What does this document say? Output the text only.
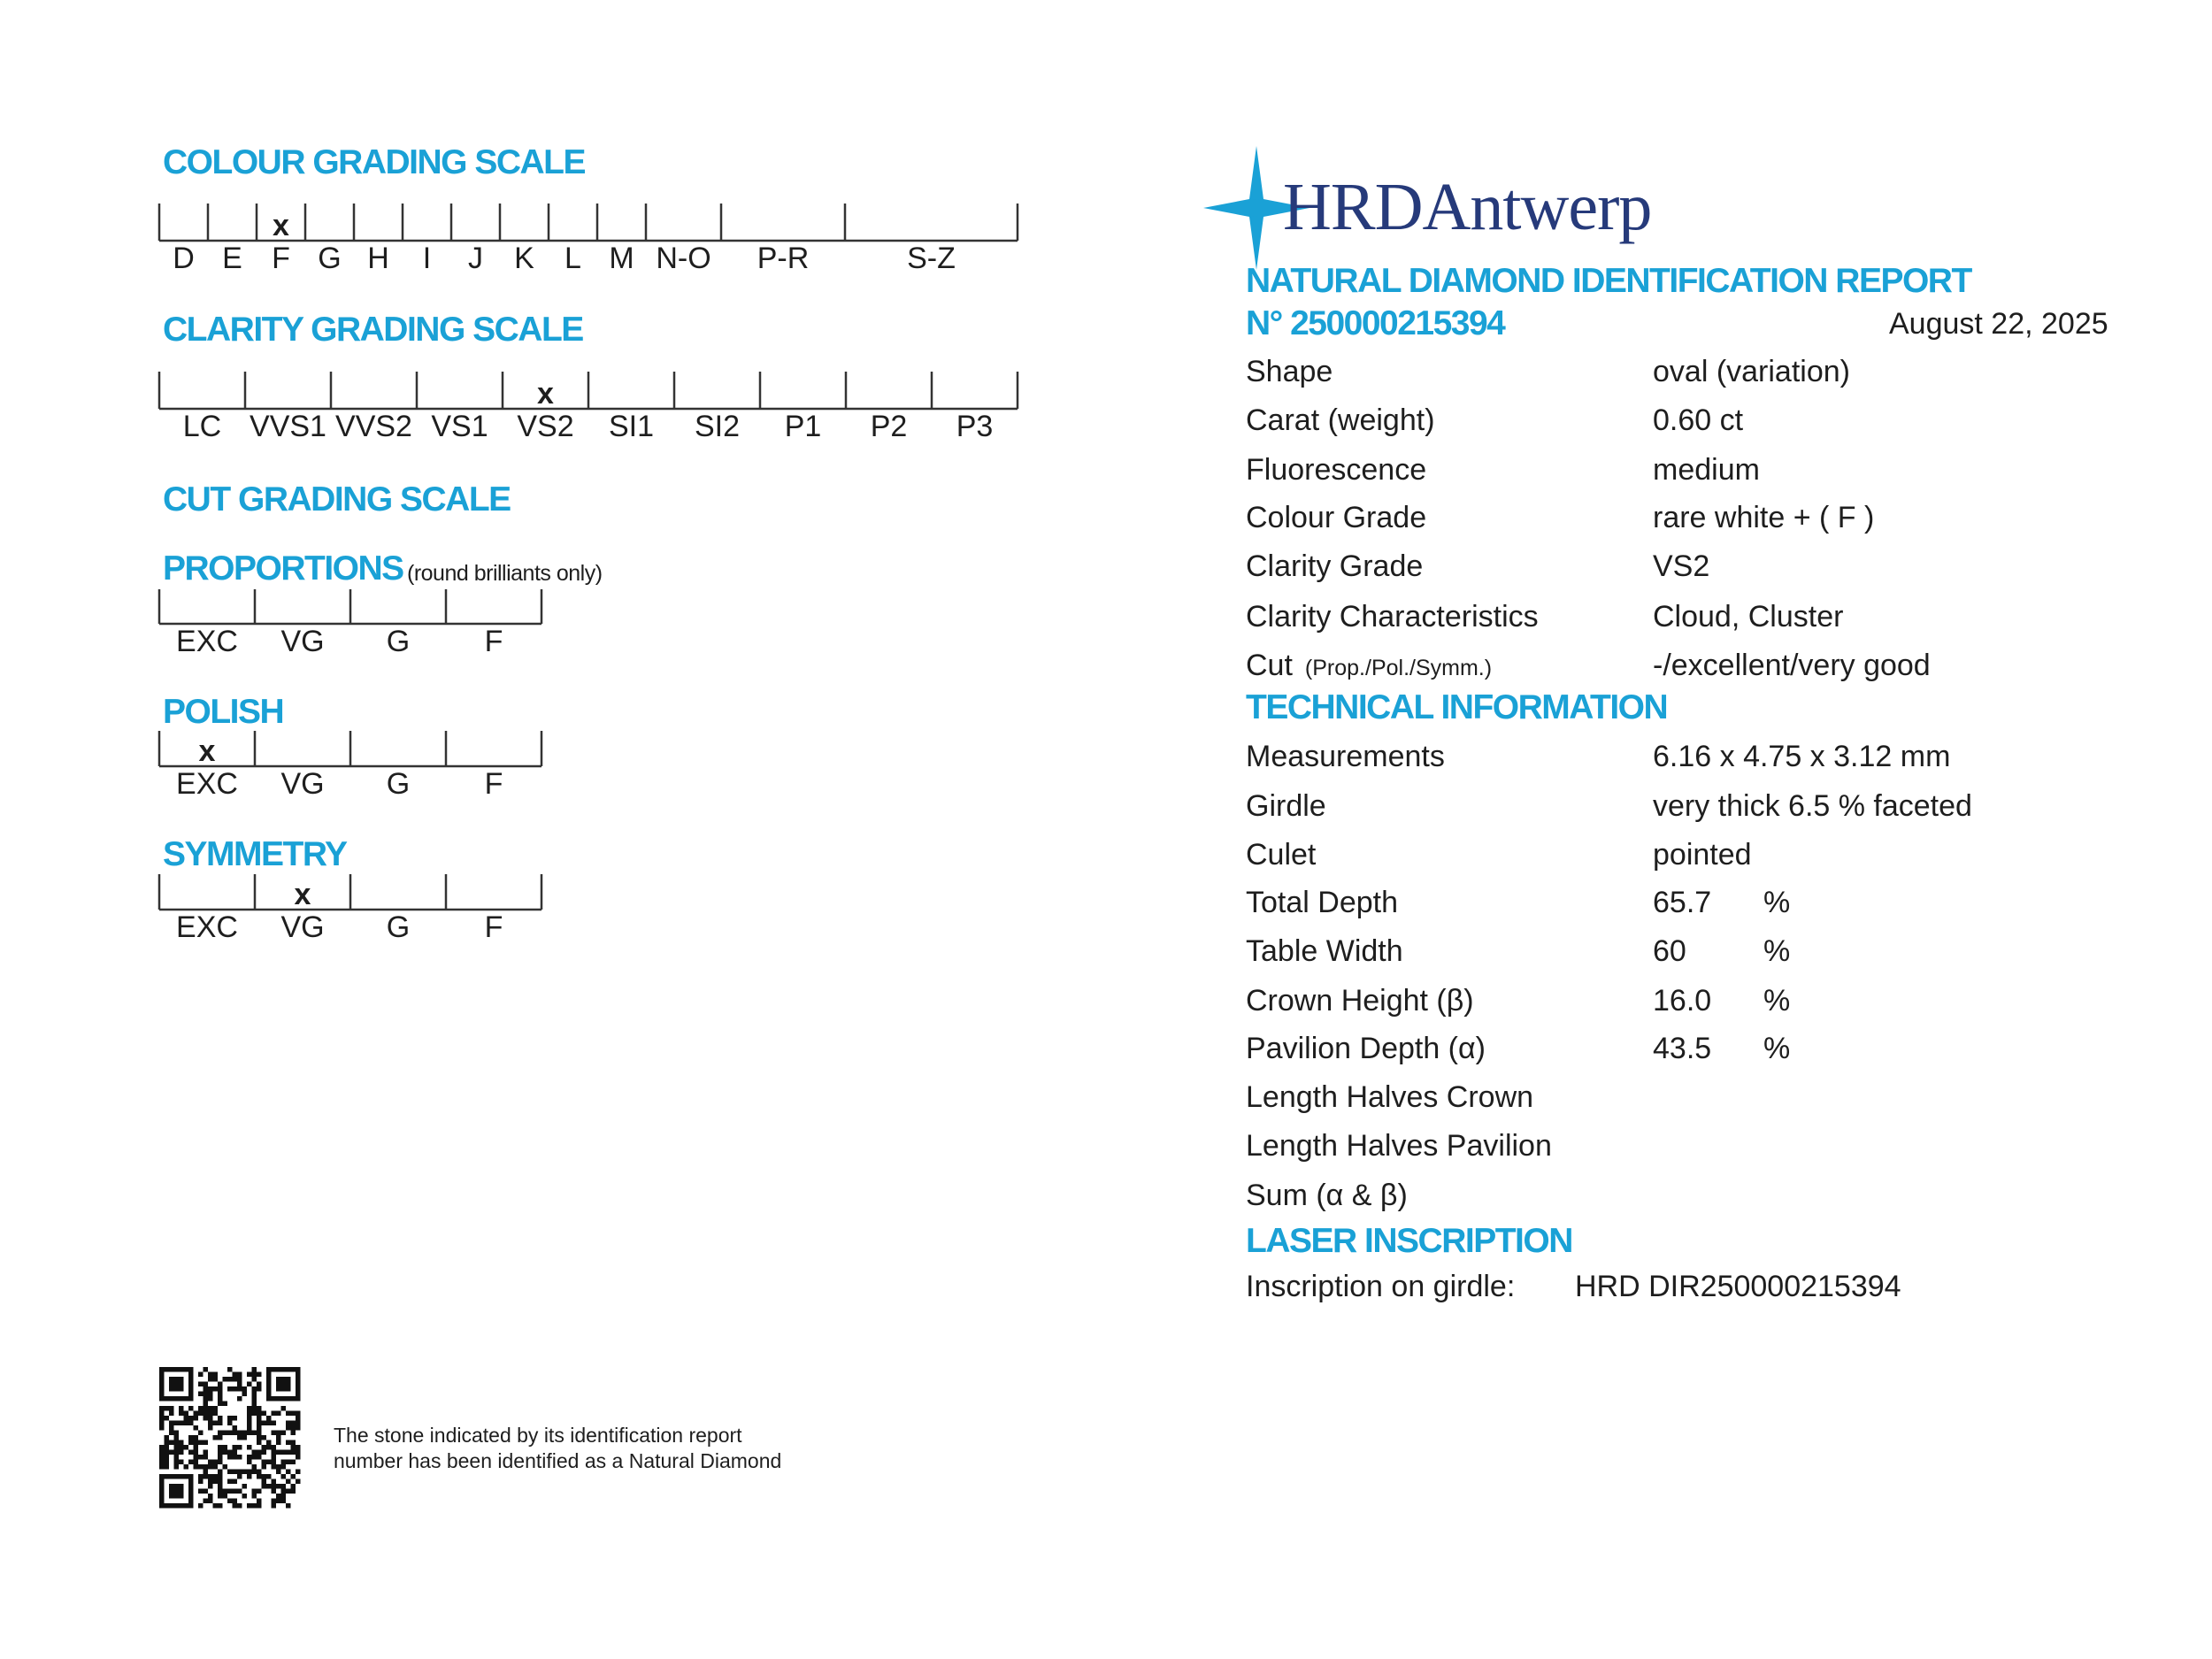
COLOUR GRADING SCALE
D E F
x
G H I J K L M N-O P-R	S-Z
CLARITY GRADING SCALE
LC VVS1 VVS2 VS1 VS2
x
SI1 SI2 P1 P2 P3
CUT GRADING SCALE
PROPORTIONS (round brilliants only)
EXC VG G F
POLISH
EXC
x
VG G F
SYMMETRY
EXC VG
x
G F
The stone indicated by its identification report number has been identified as a Natural Diamond
HRDAntwerp
NATURAL DIAMOND IDENTIFICATION REPORT
N° 250000215394	August 22, 2025
Shape	oval (variation)
Carat (weight)	0.60 ct
Fluorescence	medium
Colour Grade	rare white + ( F )
Clarity Grade	VS2
Clarity Characteristics	Cloud, Cluster
Cut (Prop./Pol./Symm.)	-/excellent/very good
TECHNICAL INFORMATION
Measurements	6.16 x 4.75 x 3.12 mm
Girdle	very thick 6.5 % faceted
Culet	pointed
Total Depth	65.7 %
Table Width	60	%
Crown Height (β)	16.0 %
Pavilion Depth (α)	43.5 %
Length Halves Crown
Length Halves Pavilion
Sum (α & β)
LASER INSCRIPTION
Inscription on girdle: HRD DIR250000215394
